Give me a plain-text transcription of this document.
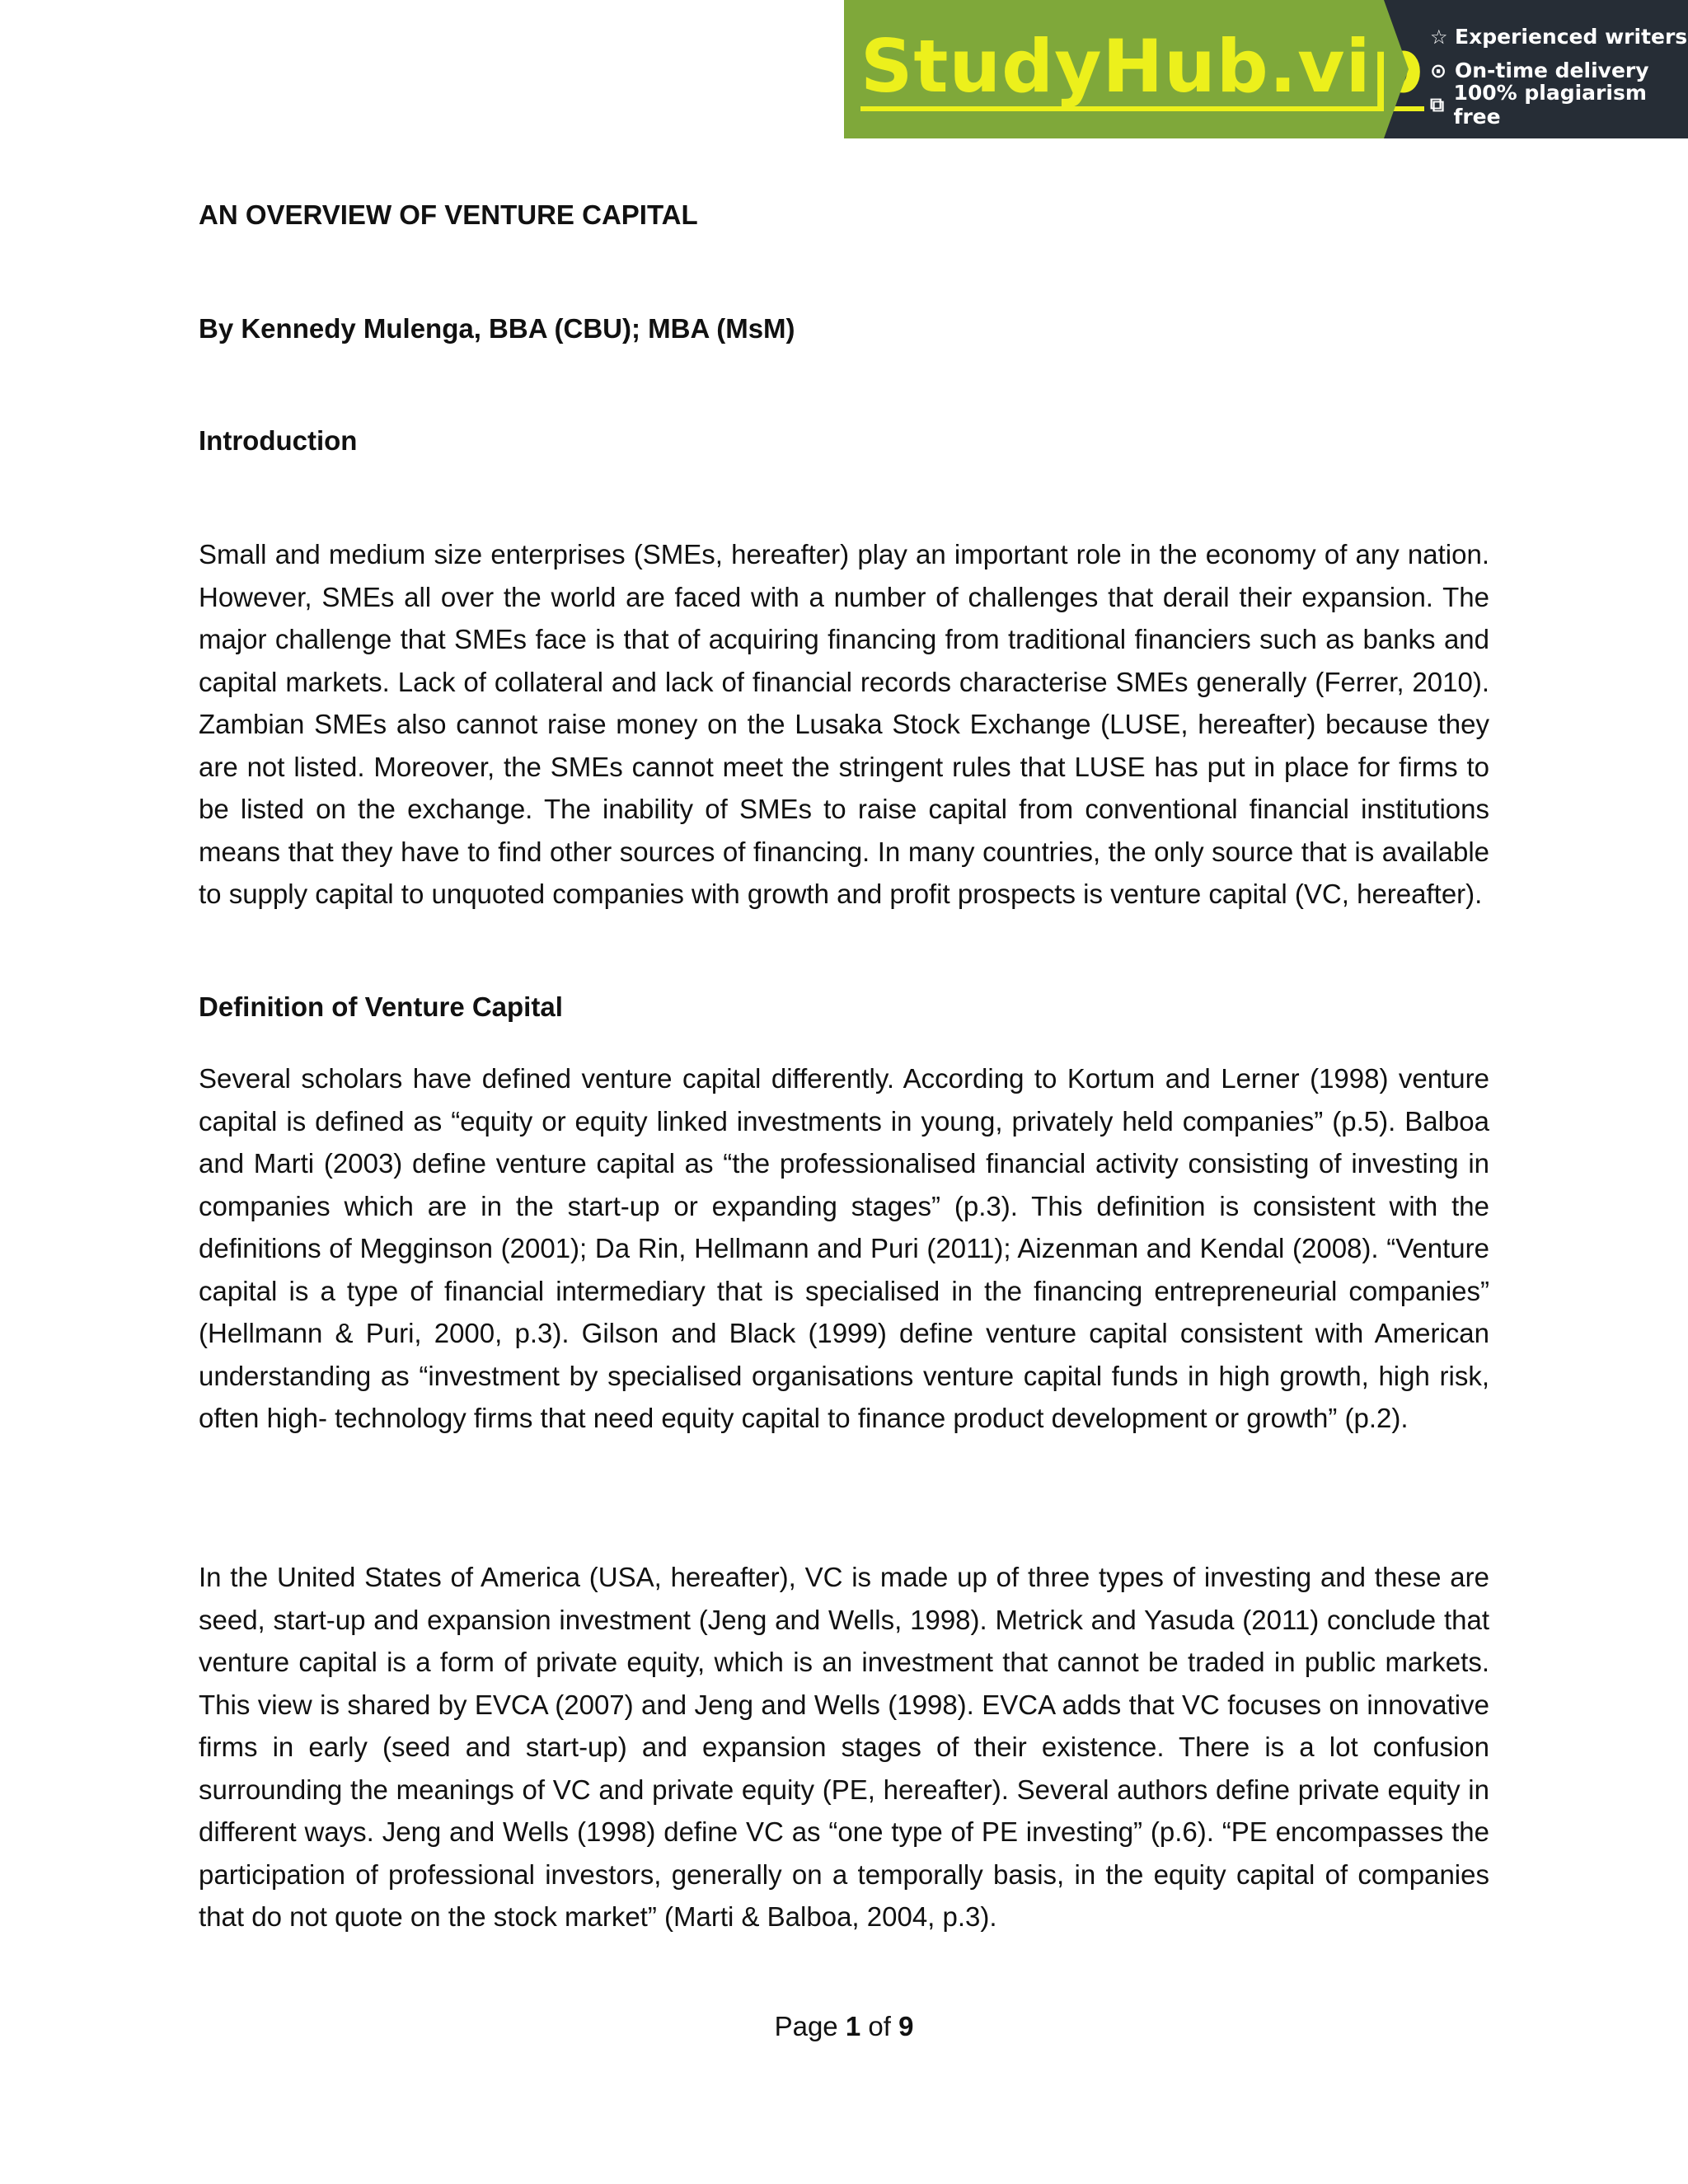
StudyHub.vip ☆ Experienced writers
⊙ On-time delivery
⧉ 100% plagiarism free
AN OVERVIEW OF VENTURE CAPITAL
By Kennedy Mulenga, BBA (CBU); MBA (MsM)
Introduction

Small and medium size enterprises (SMEs, hereafter) play an important role in the economy of any nation. However, SMEs all over the world are faced with a number of challenges that derail their expansion. The major challenge that SMEs face is that of acquiring financing from traditional financiers such as banks and capital markets. Lack of collateral and lack of financial records characterise SMEs generally (Ferrer, 2010). Zambian SMEs also cannot raise money on the Lusaka Stock Exchange (LUSE, hereafter) because they are not listed. Moreover, the SMEs cannot meet the stringent rules that LUSE has put in place for firms to be listed on the exchange. The inability of SMEs to raise capital from conventional financial institutions means that they have to find other sources of financing. In many countries, the only source that is available to supply capital to unquoted companies with growth and profit prospects is venture capital (VC, hereafter).

Definition of Venture Capital

Several scholars have defined venture capital differently. According to Kortum and Lerner (1998) venture capital is defined as “equity or equity linked investments in young, privately held companies” (p.5). Balboa and Marti (2003) define venture capital as “the professionalised financial activity consisting of investing in companies which are in the start-up or expanding stages” (p.3). This definition is consistent with the definitions of Megginson (2001); Da Rin, Hellmann and Puri (2011); Aizenman and Kendal (2008). “Venture capital is a type of financial intermediary that is specialised in the financing entrepreneurial companies” (Hellmann & Puri, 2000, p.3). Gilson and Black (1999) define venture capital consistent with American understanding as “investment by specialised organisations venture capital funds in high growth, high risk, often high- technology firms that need equity capital to finance product development or growth” (p.2).

In the United States of America (USA, hereafter), VC is made up of three types of investing and these are seed, start-up and expansion investment (Jeng and Wells, 1998). Metrick and Yasuda (2011) conclude that venture capital is a form of private equity, which is an investment that cannot be traded in public markets. This view is shared by EVCA (2007) and Jeng and Wells (1998). EVCA adds that VC focuses on innovative firms in early (seed and start-up) and expansion stages of their existence. There is a lot confusion surrounding the meanings of VC and private equity (PE, hereafter). Several authors define private equity in different ways. Jeng and Wells (1998) define VC as “one type of PE investing” (p.6). “PE encompasses the participation of professional investors, generally on a temporally basis, in the equity capital of companies that do not quote on the stock market” (Marti & Balboa, 2004, p.3).

Page 1 of 9
